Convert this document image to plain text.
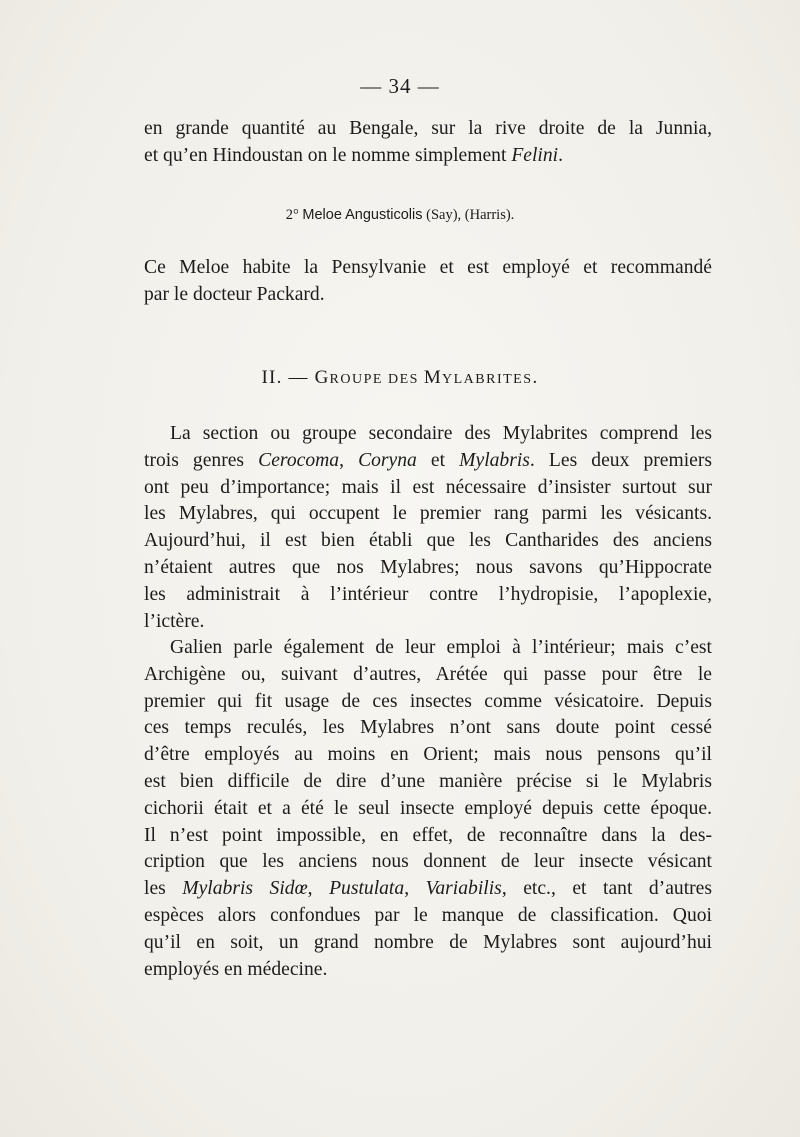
— 34 —
en grande quantité au Bengale, sur la rive droite de la Junnia,
et qu’en Hindoustan on le nomme simplement Felini.
2° Meloe Angusticolis (Say), (Harris).
Ce Meloe habite la Pensylvanie et est employé et recommandé
par le docteur Packard.
II. — GROUPE DES MYLABRITES.
La section ou groupe secondaire des Mylabrites comprend les
trois genres Cerocoma, Coryna et Mylabris. Les deux premiers
ont peu d’importance; mais il est nécessaire d’insister surtout sur
les Mylabres, qui occupent le premier rang parmi les vésicants.
Aujourd’hui, il est bien établi que les Cantharides des anciens
n’étaient autres que nos Mylabres; nous savons qu’Hippocrate
les administrait à l’intérieur contre l’hydropisie, l’apoplexie,
l’ictère.
Galien parle également de leur emploi à l’intérieur; mais c’est
Archigène ou, suivant d’autres, Arétée qui passe pour être le
premier qui fit usage de ces insectes comme vésicatoire. Depuis
ces temps reculés, les Mylabres n’ont sans doute point cessé
d’être employés au moins en Orient; mais nous pensons qu’il
est bien difficile de dire d’une manière précise si le Mylabris
cichorii était et a été le seul insecte employé depuis cette époque.
Il n’est point impossible, en effet, de reconnaître dans la des-
cription que les anciens nous donnent de leur insecte vésicant
les Mylabris Sidœ, Pustulata, Variabilis, etc., et tant d’autres
espèces alors confondues par le manque de classification. Quoi
qu’il en soit, un grand nombre de Mylabres sont aujourd’hui
employés en médecine.
